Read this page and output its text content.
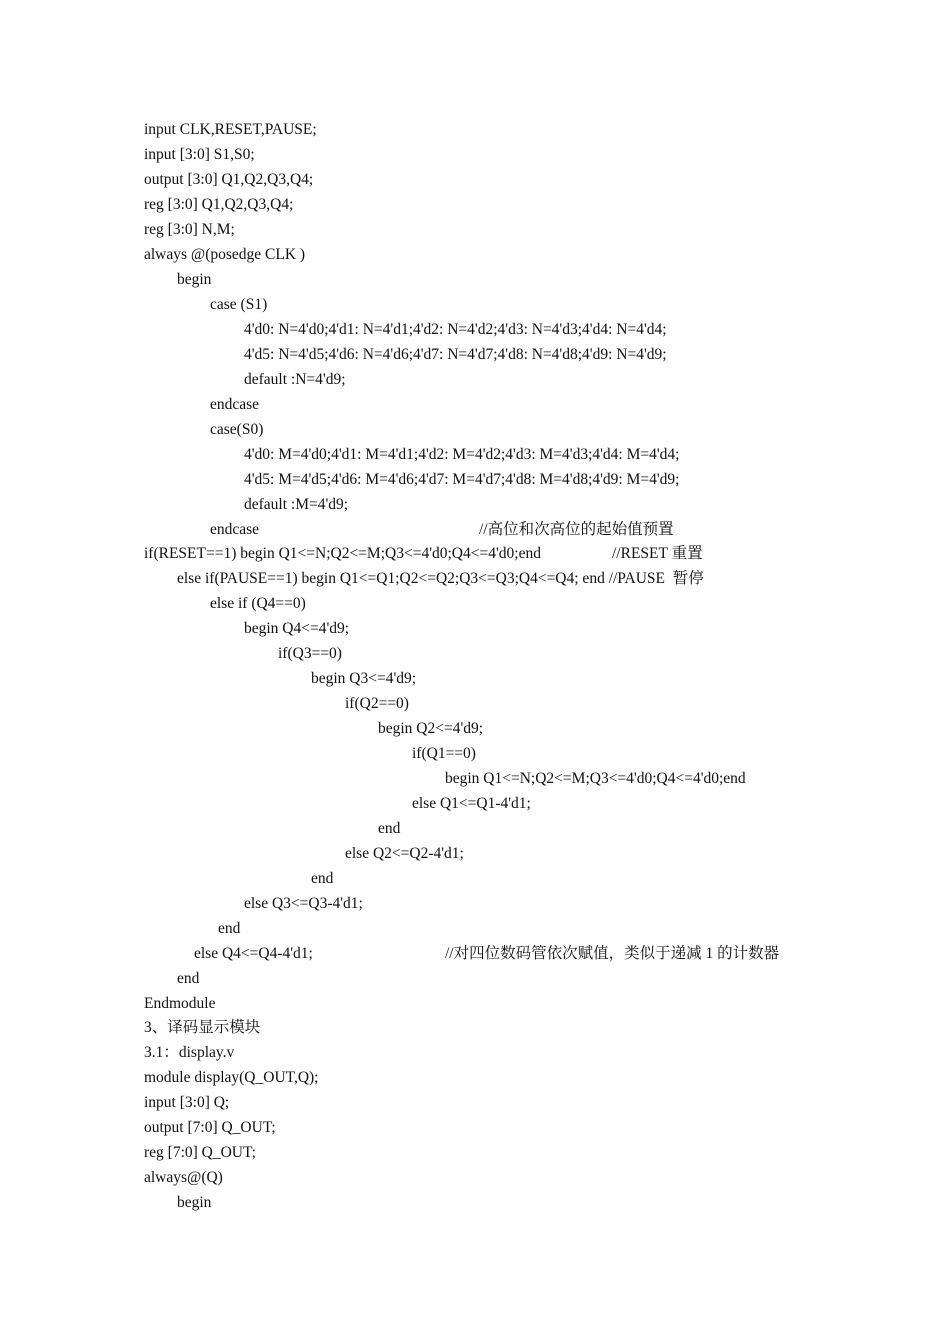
input CLK,RESET,PAUSE;
input [3:0] S1,S0;
output [3:0] Q1,Q2,Q3,Q4;
reg [3:0] Q1,Q2,Q3,Q4;
reg [3:0] N,M;
always @(posedge CLK )
begin
case (S1)
4'd0: N=4'd0;4'd1: N=4'd1;4'd2: N=4'd2;4'd3: N=4'd3;4'd4: N=4'd4;
4'd5: N=4'd5;4'd6: N=4'd6;4'd7: N=4'd7;4'd8: N=4'd8;4'd9: N=4'd9;
default :N=4'd9;
endcase
case(S0)
4'd0: M=4'd0;4'd1: M=4'd1;4'd2: M=4'd2;4'd3: M=4'd3;4'd4: M=4'd4;
4'd5: M=4'd5;4'd6: M=4'd6;4'd7: M=4'd7;4'd8: M=4'd8;4'd9: M=4'd9;
default :M=4'd9;
endcase
if(RESET==1) begin Q1<=N;Q2<=M;Q3<=4'd0;Q4<=4'd0;end
else if(PAUSE==1) begin Q1<=Q1;Q2<=Q2;Q3<=Q3;Q4<=Q4; end //PAUSE  暂停
else if (Q4==0)
begin Q4<=4'd9;
if(Q3==0)
begin Q3<=4'd9;
if(Q2==0)
begin Q2<=4'd9;
if(Q1==0)
begin Q1<=N;Q2<=M;Q3<=4'd0;Q4<=4'd0;end
else Q1<=Q1-4'd1;
end
else Q2<=Q2-4'd1;
end
else Q3<=Q3-4'd1;
end
else Q4<=Q4-4'd1;
end
Endmodule
3、译码显示模块
3.1：display.v
module display(Q_OUT,Q);
input [3:0] Q;
output [7:0] Q_OUT;
reg [7:0] Q_OUT;
always@(Q)
begin
//高位和次高位的起始值预置
//RESET 重置
//对四位数码管依次赋值，类似于递减 1 的计数器
